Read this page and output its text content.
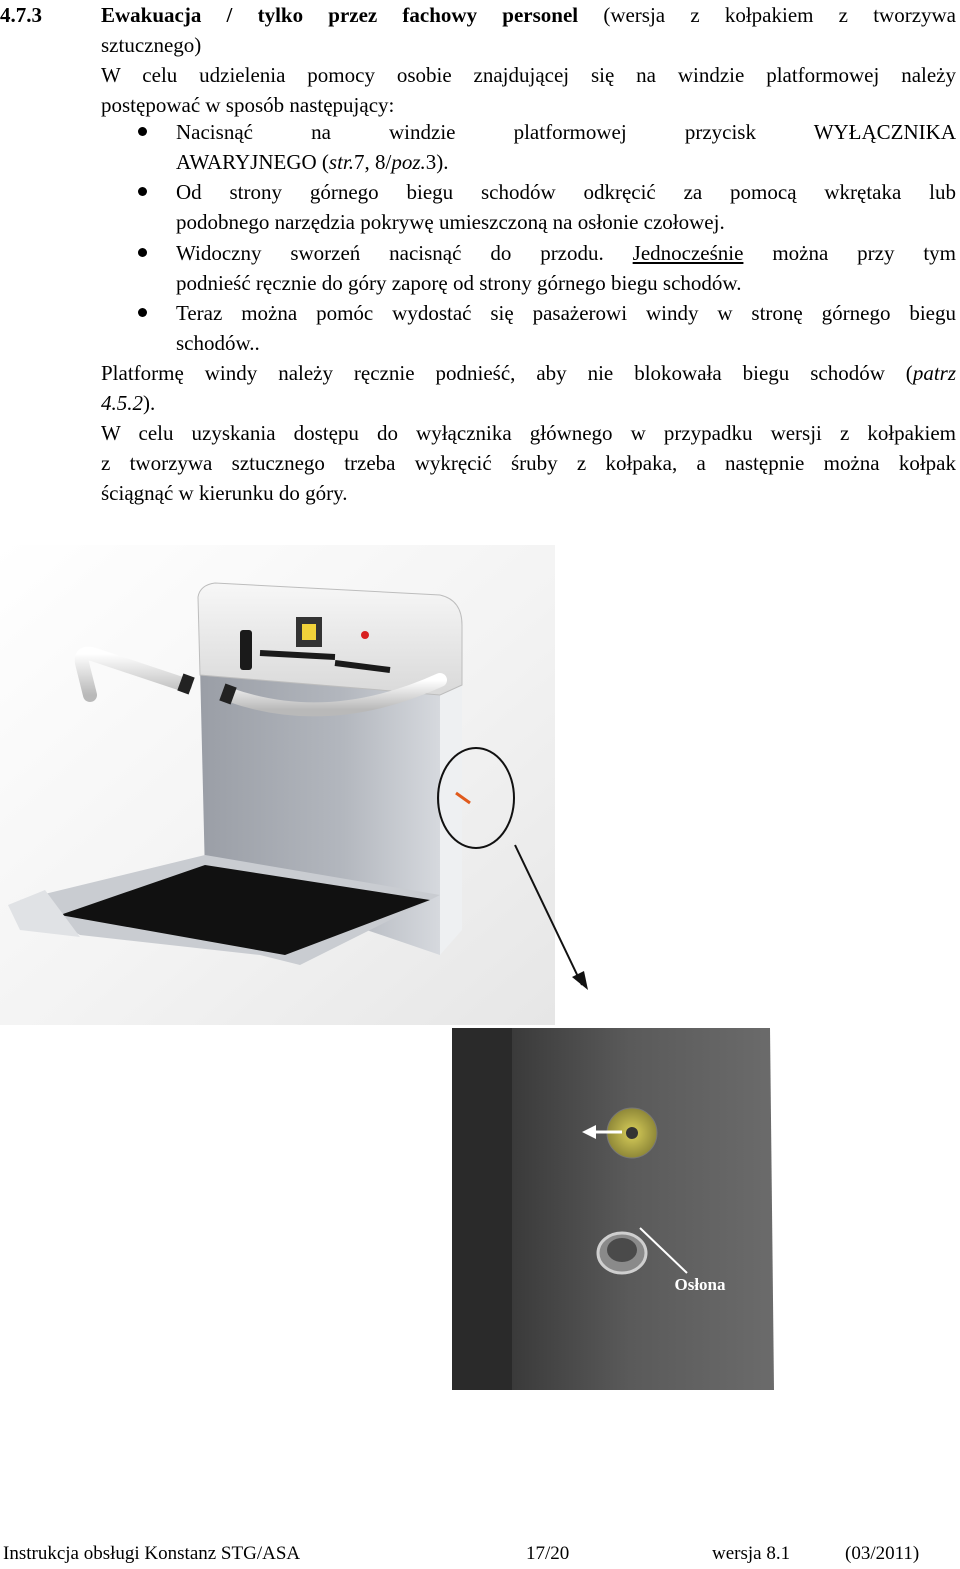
4.7.3	Ewakuacja / tylko przez fachowy personel (wersja z kołpakiem z tworzywa
sztucznego)
W celu udzielenia pomocy osobie znajdującej się na windzie platformowej należy
postępować w sposób następujący:
Nacisnąć na windzie platformowej przycisk WYŁĄCZNIKA
AWARYJNEGO (str.7, 8/poz.3).
Od strony górnego biegu schodów odkręcić za pomocą wkrętaka lub
podobnego narzędzia pokrywę umieszczoną na osłonie czołowej.
Widoczny sworzeń nacisnąć do przodu. Jednocześnie można przy tym
podnieść ręcznie do góry zaporę od strony górnego biegu schodów.
Teraz można pomóc wydostać się pasażerowi windy w stronę górnego biegu
schodów..
Platformę windy należy ręcznie podnieść, aby nie blokowała biegu schodów (patrz
4.5.2).
W celu uzyskania dostępu do wyłącznika głównego w przypadku wersji z kołpakiem
z tworzywa sztucznego trzeba wykręcić śruby z kołpaka, a następnie można kołpak
ściągnąć w kierunku do góry.
Osłona
Instrukcja obsługi Konstanz STG/ASA	17/20	wersja 8.1	(03/2011)
